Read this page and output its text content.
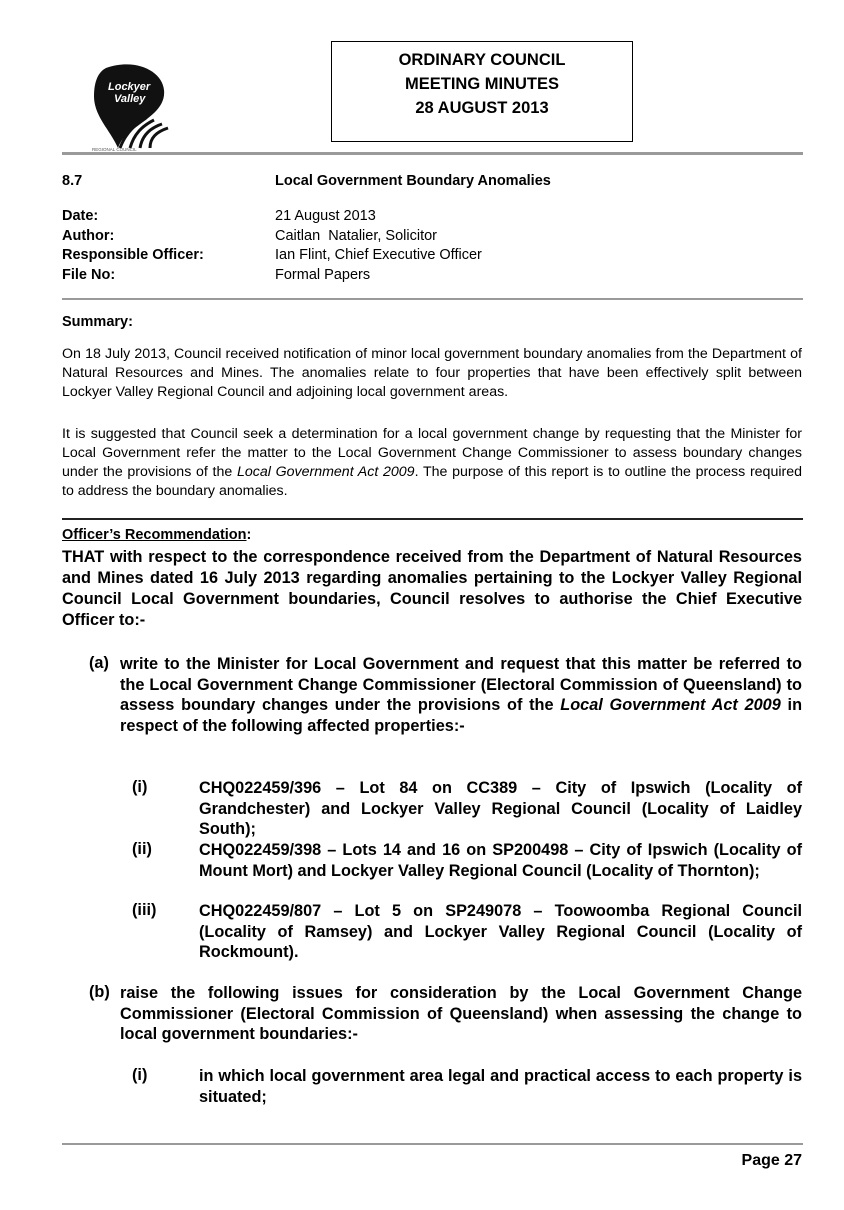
Lockyer
Valley
REGIONAL COUNCIL
ORDINARY COUNCIL
MEETING MINUTES
28 AUGUST 2013
8.7	Local Government Boundary Anomalies
Date:	21 August 2013
Author:	Caitlan  Natalier, Solicitor
Responsible Officer:	Ian Flint, Chief Executive Officer
File No:	Formal Papers
Summary:
On 18 July 2013, Council received notification of minor local government boundary anomalies from the Department of Natural Resources and Mines. The anomalies relate to four properties that have been effectively split between Lockyer Valley Regional Council and adjoining local government areas.
It is suggested that Council seek a determination for a local government change by requesting that the Minister for Local Government refer the matter to the Local Government Change Commissioner to assess boundary changes under the provisions of the Local Government Act 2009. The purpose of this report is to outline the process required to address the boundary anomalies.
Officer’s Recommendation:
THAT with respect to the correspondence received from the Department of Natural Resources and Mines dated 16 July 2013 regarding anomalies pertaining to the Lockyer Valley Regional Council Local Government boundaries, Council resolves to authorise the Chief Executive Officer to:-
(a) write to the Minister for Local Government and request that this matter be referred to the Local Government Change Commissioner (Electoral Commission of Queensland) to assess boundary changes under the provisions of the Local Government Act 2009 in respect of the following affected properties:-
(i)	CHQ022459/396 – Lot 84 on CC389 – City of Ipswich (Locality of Grandchester) and Lockyer Valley Regional Council (Locality of Laidley South);
(ii)	CHQ022459/398 – Lots 14 and 16 on SP200498 – City of Ipswich (Locality of Mount Mort) and Lockyer Valley Regional Council (Locality of Thornton);
(iii)	CHQ022459/807 – Lot 5 on SP249078 – Toowoomba Regional Council (Locality of Ramsey) and Lockyer Valley Regional Council (Locality of Rockmount).
(b) raise the following issues for consideration by the Local Government Change Commissioner (Electoral Commission of Queensland) when assessing the change to local government boundaries:-
(i)	in which local government area legal and practical access to each property is situated;
Page 27
